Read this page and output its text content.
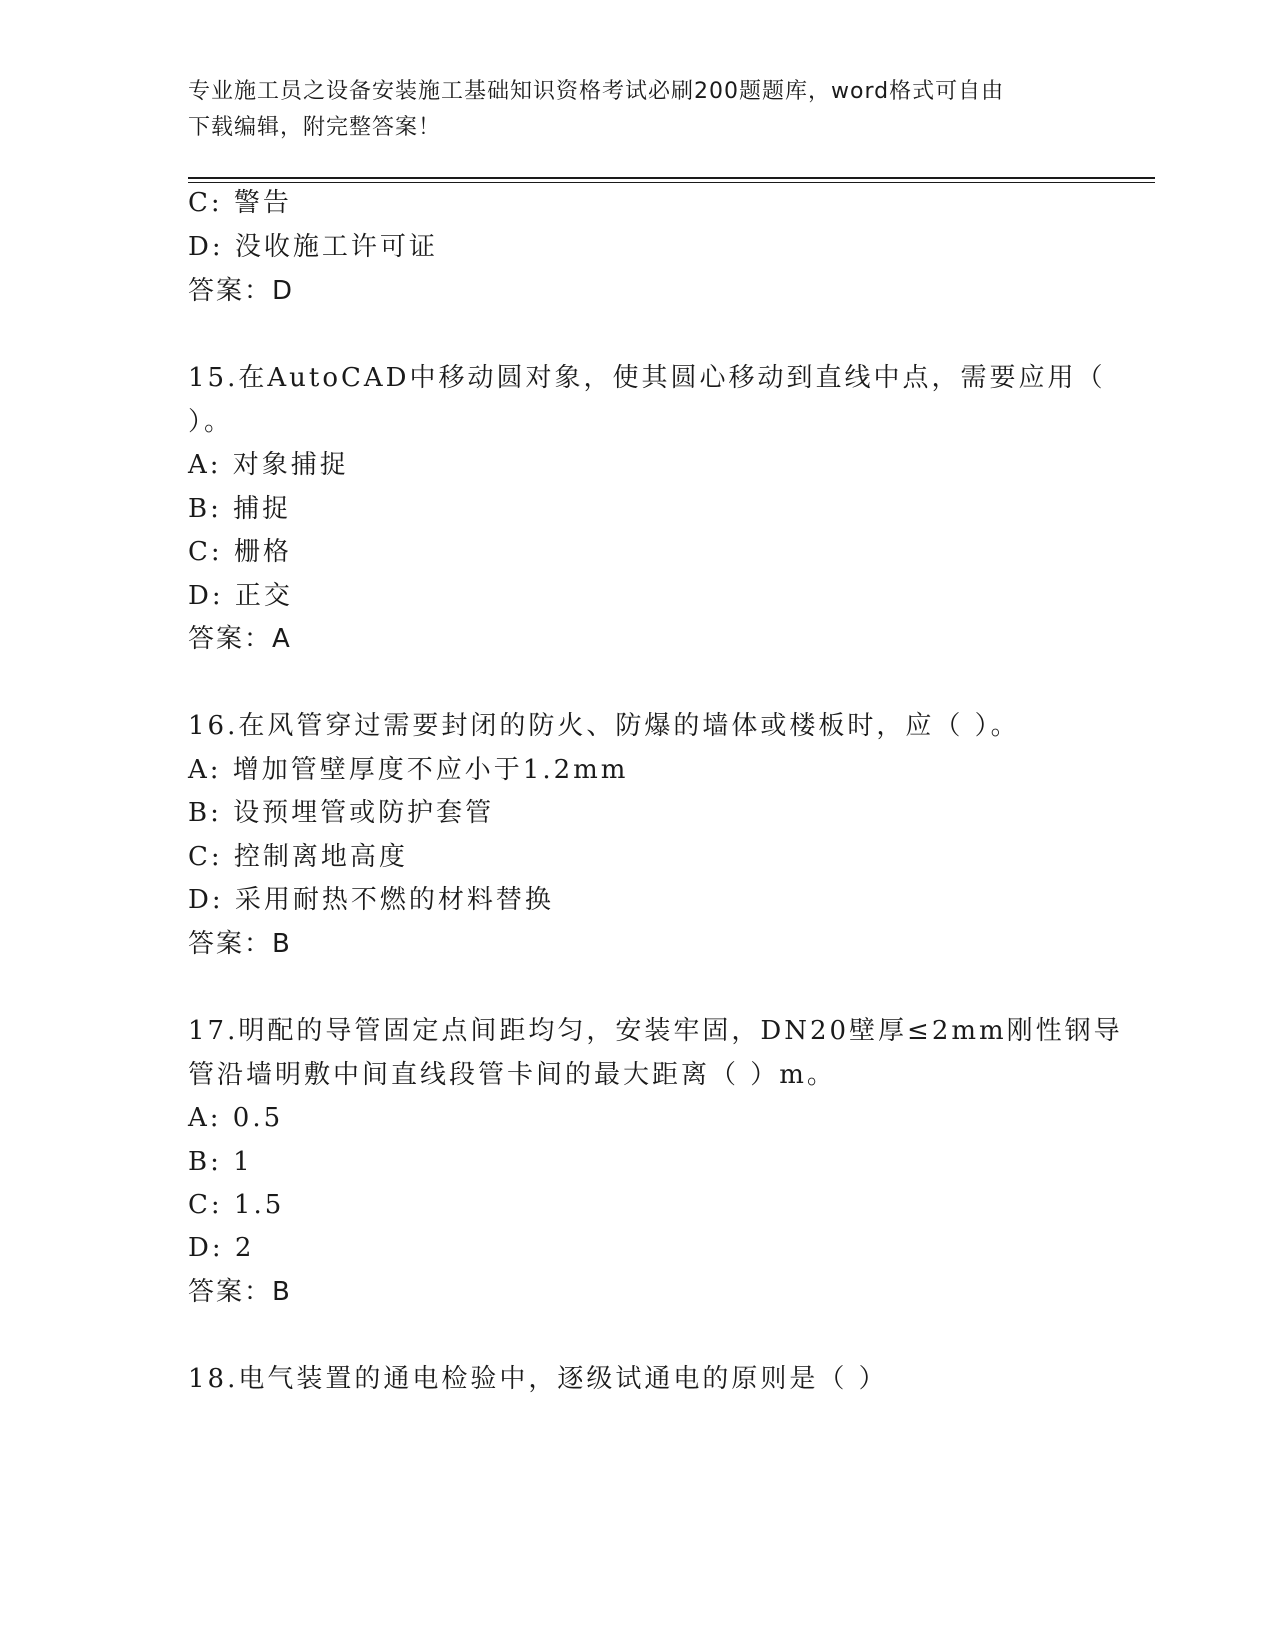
专业施工员之设备安装施工基础知识资格考试必刷200题题库，word格式可自由
下载编辑，附完整答案！
C: 警告
D: 没收施工许可证
答案：D
15.在AutoCAD中移动圆对象，使其圆心移动到直线中点，需要应用（
）。
A: 对象捕捉
B: 捕捉
C: 栅格
D: 正交
答案：A
16.在风管穿过需要封闭的防火、防爆的墙体或楼板时，应（ ）。
A: 增加管壁厚度不应小于1.2mm
B: 设预埋管或防护套管
C: 控制离地高度
D: 采用耐热不燃的材料替换
答案：B
17.明配的导管固定点间距均匀，安装牢固，DN20壁厚≤2mm刚性钢导
管沿墙明敷中间直线段管卡间的最大距离（ ）m。
A: 0.5
B: 1
C: 1.5
D: 2
答案：B
18.电气装置的通电检验中，逐级试通电的原则是（ ）
